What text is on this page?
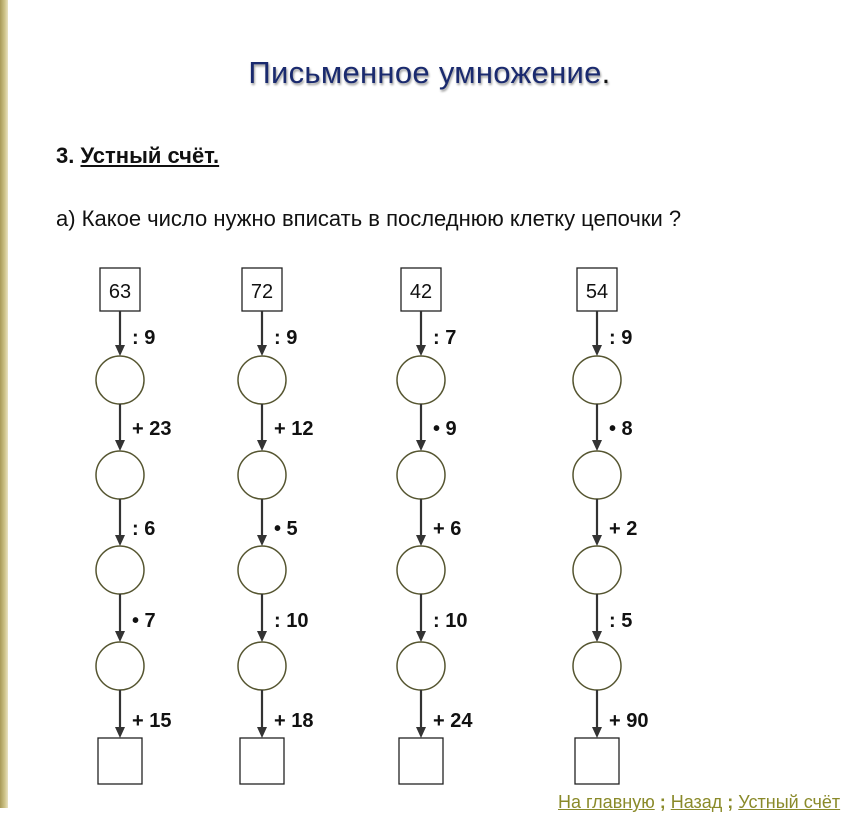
Письменное умножение.
3. Устный счёт.
а) Какое число нужно вписать в последнюю клетку цепочки ?
63
: 9
+ 23
: 6
• 7
+ 15
72
: 9
+ 12
• 5
: 10
+ 18
42
: 7
• 9
+ 6
: 10
+ 24
54
: 9
• 8
+ 2
: 5
+ 90
На главную ; Назад ; Устный счёт
